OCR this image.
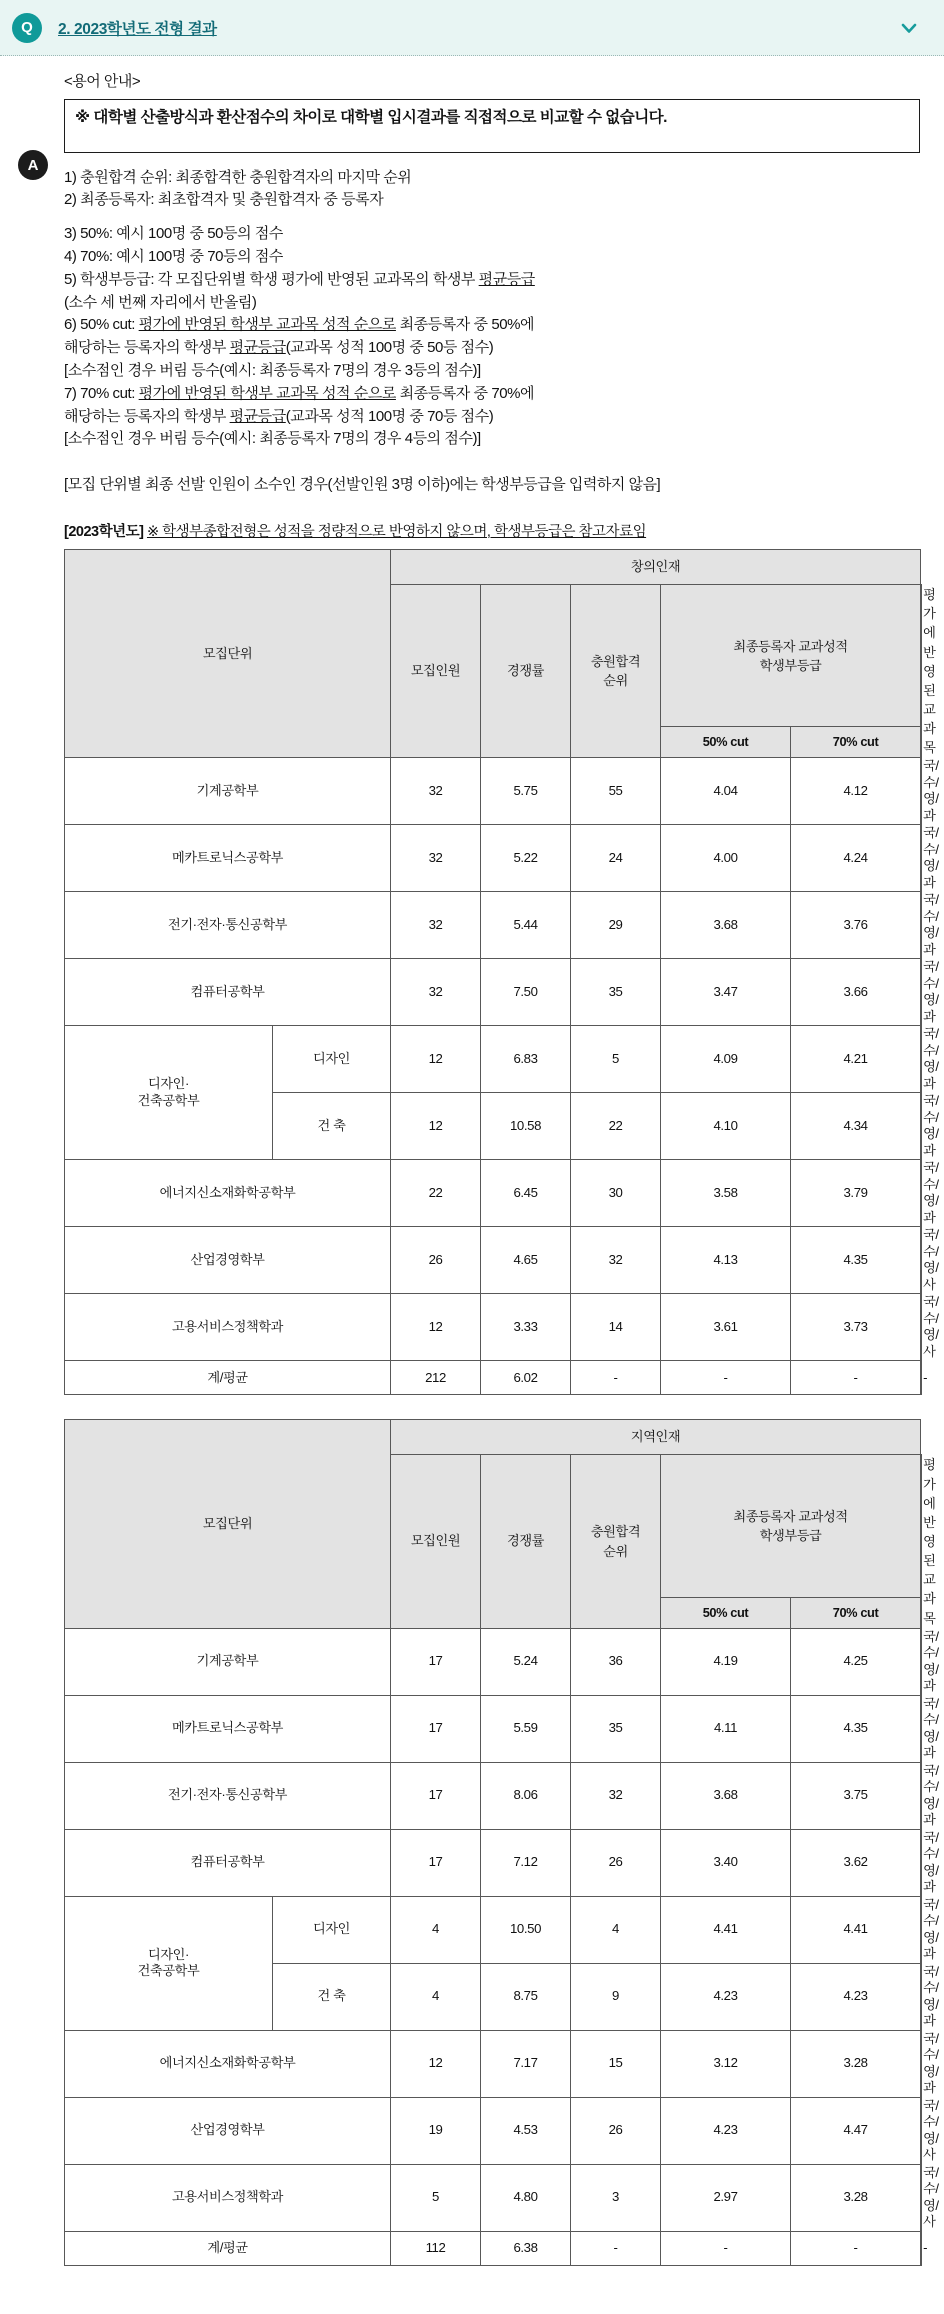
Q	2. 2023학년도 전형 결과
A
<용어 안내>
※ 대학별 산출방식과 환산점수의 차이로 대학별 입시결과를 직접적으로 비교할 수 없습니다.
1) 충원합격 순위: 최종합격한 충원합격자의 마지막 순위
2) 최종등록자: 최초합격자 및 충원합격자 중 등록자
3) 50%: 예시 100명 중 50등의 점수
4) 70%: 예시 100명 중 70등의 점수
5) 학생부등급: 각 모집단위별 학생 평가에 반영된 교과목의 학생부 평균등급
(소수 세 번째 자리에서 반올림)
6) 50% cut: 평가에 반영된 학생부 교과목 성적 순으로 최종등록자 중 50%에
해당하는 등록자의 학생부 평균등급(교과목 성적 100명 중 50등 점수)
[소수점인 경우 버림 등수(예시: 최종등록자 7명의 경우 3등의 점수)]
7) 70% cut: 평가에 반영된 학생부 교과목 성적 순으로 최종등록자 중 70%에
해당하는 등록자의 학생부 평균등급(교과목 성적 100명 중 70등 점수)
[소수점인 경우 버림 등수(예시: 최종등록자 7명의 경우 4등의 점수)]
[모집 단위별 최종 선발 인원이 소수인 경우(선발인원 3명 이하)에는 학생부등급을 입력하지 않음]
[2023학년도] ※ 학생부종합전형은 성적을 정량적으로 반영하지 않으며, 학생부등급은 참고자료임
모집단위		창의인재					
		모집인원	경쟁률	충원합격
순위	최종등록자 교과성적
학생부등급		평가에
반영된
교과목
					50% cut	70% cut	
기계공학부		32	5.75	55	4.04	4.12	국/수/영/과
메카트로닉스공학부		32	5.22	24	4.00	4.24	국/수/영/과
전기·전자·통신공학부		32	5.44	29	3.68	3.76	국/수/영/과
컴퓨터공학부		32	7.50	35	3.47	3.66	국/수/영/과
디자인·
건축공학부	디자인	12	6.83	5	4.09	4.21	국/수/영/과
	건 축	12	10.58	22	4.10	4.34	국/수/영/과
에너지신소재화학공학부		22	6.45	30	3.58	3.79	국/수/영/과
산업경영학부		26	4.65	32	4.13	4.35	국/수/영/사
고용서비스정책학과		12	3.33	14	3.61	3.73	국/수/영/사
계/평균		212	6.02	-	-	-	-
모집단위		지역인재					
		모집인원	경쟁률	충원합격
순위	최종등록자 교과성적
학생부등급		평가에
반영된
교과목
					50% cut	70% cut	
기계공학부		17	5.24	36	4.19	4.25	국/수/영/과
메카트로닉스공학부		17	5.59	35	4.11	4.35	국/수/영/과
전기·전자·통신공학부		17	8.06	32	3.68	3.75	국/수/영/과
컴퓨터공학부		17	7.12	26	3.40	3.62	국/수/영/과
디자인·
건축공학부	디자인	4	10.50	4	4.41	4.41	국/수/영/과
	건 축	4	8.75	9	4.23	4.23	국/수/영/과
에너지신소재화학공학부		12	7.17	15	3.12	3.28	국/수/영/과
산업경영학부		19	4.53	26	4.23	4.47	국/수/영/사
고용서비스정책학과		5	4.80	3	2.97	3.28	국/수/영/사
계/평균		112	6.38	-	-	-	-
